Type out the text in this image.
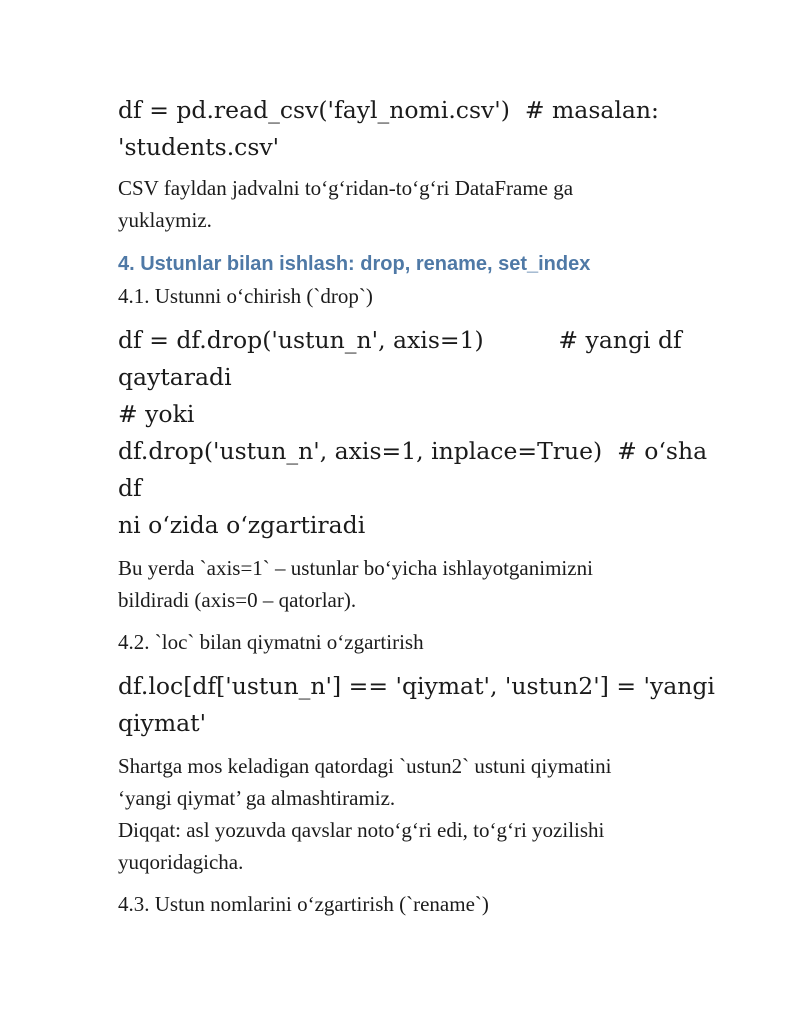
df = pd.read_csv('fayl_nomi.csv')  # masalan:

'students.csv'

CSV fayldan jadvalni to‘g‘ridan-to‘g‘ri DataFrame ga

yuklaymiz.

4. Ustunlar bilan ishlash: drop, rename, set_index
4.1. Ustunni o‘chirish (`drop`)

df = df.drop('ustun_n', axis=1)          # yangi df

qaytaradi

# yoki

df.drop('ustun_n', axis=1, inplace=True)  # o‘sha df

ni o‘zida o‘zgartiradi

Bu yerda `axis=1` – ustunlar bo‘yicha ishlayotganimizni

bildiradi (axis=0 – qatorlar).

4.2. `loc` bilan qiymatni o‘zgartirish

df.loc[df['ustun_n'] == 'qiymat', 'ustun2'] = 'yangi

qiymat'

Shartga mos keladigan qatordagi `ustun2` ustuni qiymatini

‘yangi qiymat’ ga almashtiramiz.

Diqqat: asl yozuvda qavslar noto‘g‘ri edi, to‘g‘ri yozilishi

yuqoridagicha.

4.3. Ustun nomlarini o‘zgartirish (`rename`)
